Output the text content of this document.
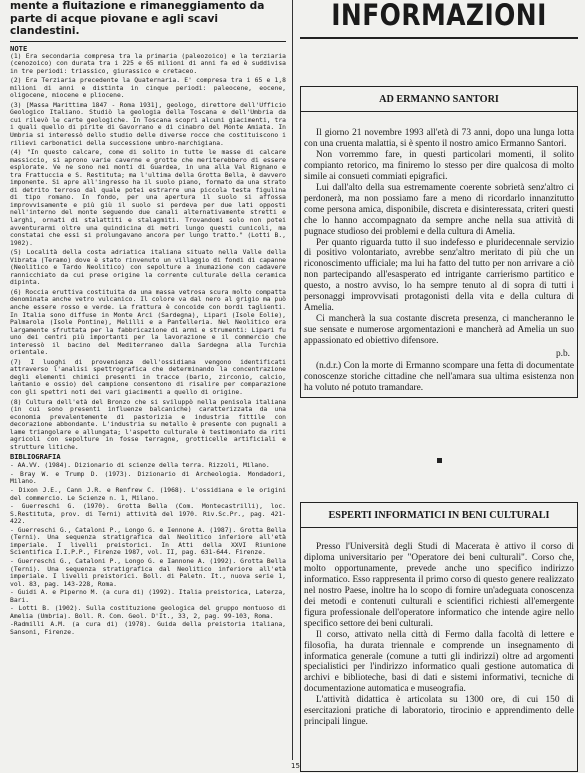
mente a fluitazione e rimaneggiamento da parte di acque piovane e agli scavi clandestini.

NOTE

(1) Era secondaria compresa tra la primaria (paleozoico) e la terziaria (cenozoico) con durata tra i 225 e 65 milioni di anni fa ed è suddivisa in tre periodi: triassico, giurassico e cretaceo.

(2) Era Terziaria precedente la Quaternaria. E' compresa tra i 65 e 1,8 milioni di anni e distinta in cinque periodi: paleocene, eocene, oligocene, miocene e pliocene.

(3) [Massa Marittima 1847 - Roma 1931], geologo, direttore dell'Ufficio Geologico Italiano. Studiò la geologia della Toscana e dell'Umbria da cui rilevò le carte geologiche. In Toscana scoprì alcuni giacimenti, tra i quali quello di pirite di Gavorrano e di cinabro del Monte Amiata. In Umbria si interessò dello studio delle diverse rocce che costituiscono i rilievi carbonatici della successione umbro-marchigiana.

(4) "In questo calcare, come di solito in tutte le masse di calcare massiccio, si aprono varie caverne e grotte che meriterebbero di essere esplorate. Ve ne sono nei monti di Guardea, in una alla Val Rignano e tra Frattuccia e S. Restituta; ma l'ultima della Grotta Bella, è davvero imponente. Si apre all'ingresso ha il suolo piano, formato da una strato di detrito terroso dal quale potei estrarre una piccola testa figulina di tipo romano. In fondo, per una apertura il suolo si affossa improvvisamente e più giù il suolo si perdeva per due lati opposti nell'interno del monte seguendo due canali alternativamente stretti e larghi, ornati di stalattiti e stalagmiti. Trovandomi solo non potei avventurarmi oltre una quindicina di metri lungo questi cunicoli, ma constatai che essi si prolungavano ancora per lungo tratto." (Lotti B., 1902).

(5) Località della costa adriatica italiana situato nella Valle della Vibrata (Teramo) dove è stato rinvenuto un villaggio di fondi di capanne (Neolitico e Tardo Neolitico) con sepolture a inumazione con cadavere rannicchiato da cui prese origine la corrente culturale della ceramica dipinta.

(6) Roccia eruttiva costituita da una massa vetrosa scura molto compatta denominata anche vetro vulcanico. Il colore va dal nero al grigio ma può anche essere rosso e verde. La frattura è concoide con bordi taglienti. In Italia sono diffuse in Monte Arci (Sardegna), Lipari (Isole Eolie), Palmarola (Isole Pontine), Melilli e a Pantelleria. Nel Neolitico era largamente sfruttata per la fabbricazione di armi e strumenti: Lipari fu uno dei centri più importanti per la lavorazione e il commercio che interessò il bacino del Mediterraneo dalla Sardegna alla Turchia orientale.

(7) I luoghi di provenienza dell'ossidiana vengono identificati attraverso l'analisi spettrografica che determinando la concentrazione degli elementi chimici presenti in tracce (bario, zirconio, calcio, lantanio e ossio) del campione consentono di risalire per comparazione con gli spettri noti dei vari giacimenti a quello di origine.

(8) Cultura dell'età del Bronzo che si sviluppò nella penisola italiana (in cui sono presenti influenze balcaniche) caratterizzata da una economia prevalentemente di pastorizia e industria fittile con decorazione abbondante. L'industria su metallo è presente con pugnali a lame triangolare e allungata; l'aspetto culturale è testimoniato da riti agricoli con sepolture in fosse terragne, grotticelle artificiali e strutture litiche.

BIBLIOGRAFIA

- AA.VV. (1984). Dizionario di scienze della terra. Rizzoli, Milano.

- Bray W. e Trump D. (1973). Dizionario di Archeologia. Mondadori, Milano.

- Dixon J.E., Cann J.R. e Renfrew C. (1968). L'ossidiana e le origini del commercio. Le Scienze n. 1, Milano.

- Guerreschi G. (1970). Grotta Bella (Com. Montecastrilli), loc. S.Restituta, prov. di Terni) attività del 1970. Riv.Sc.Pr., pag. 421-422.

- Guerreschi G., Cataloni P., Longo G. e Iennone A. (1987). Grotta Bella (Terni). Una sequenza stratigrafica dal Neolitico inferiore all'età imperiale. I livelli preistorici. In Atti della XXVI Riunione Scientifica I.I.P.P., Firenze 1987, vol. II, pag. 631-644. Firenze.

- Guerreschi G., Cataloni P., Longo G. e Iannone A. (1992). Grotta Bella (Terni). Una sequenza stratigrafica dal Neolitico inferiore all'età imperiale. I livelli preistorici. Boll. di Paletn. It., nuova serie 1, vol. 83, pag. 143-228, Roma.

- Guidi A. e Piperno M. (a cura di) (1992). Italia preistorica, Laterza, Bari.

- Lotti B. (1902). Sulla costituzione geologica del gruppo montuoso di Amelia (Umbria). Boll. R. Com. Geol. D'It., 33, 2, pag. 99-103, Roma.

-Radmilli A.M. (a cura di) (1978). Guida della preistoria italiana, Sansoni, Firenze.

INFORMAZIONI

AD ERMANNO SANTORI

Il giorno 21 novembre 1993 all'età di 73 anni, dopo una lunga lotta con una cruenta malattia, si è spento il nostro amico Ermanno Santori.

Non vorremmo fare, in questi particolari momenti, il solito compianto retorico, ma finiremo lo stesso per dire qualcosa di molto simile ai consueti commiati epigrafici.

Lui dall'alto della sua estremamente coerente sobrietà senz'altro ci perdonerà, ma non possiamo fare a meno di ricordarlo innanzitutto come persona amica, disponibile, discreta e disinteressata, criteri questi che lo hanno accompagnato da sempre anche nella sua attività di pugnace studioso dei problemi e della cultura di Amelia.

Per quanto riguarda tutto il suo indefesso e pluridecennale servizio di positivo volontariato, avrebbe senz'altro meritato di più che un riconoscimento ufficiale; ma lui ha fatto del tutto per non arrivare a ciò non partecipando all'esasperato ed intrigante carrierismo partitico e questo, a nostro avviso, lo ha sempre tenuto al di sopra di tutti i personaggi improvvisati protagonisti della vita e della cultura di Amelia.

Ci mancherà la sua costante discreta presenza, ci mancheranno le sue sensate e numerose argomentazioni e mancherà ad Amelia un suo appassionato ed obiettivo difensore.

p.b.

(n.d.r.) Con la morte di Ermanno scompare una fetta di documentate conoscenze storiche cittadine che nell'amara sua ultima esistenza non ha voluto né potuto tramandare.

ESPERTI INFORMATICI IN BENI CULTURALI

Presso l'Università degli Studi di Macerata è attivo il corso di diploma universitario per "Operatore dei beni culturali". Corso che, molto opportunamente, prevede anche uno specifico indirizzo informatico. Esso rappresenta il primo corso di questo genere realizzato nel nostro Paese, inoltre ha lo scopo di fornire un'adeguata conoscenza dei metodi e contenuti culturali e scientifici richiesti all'emergente figura professionale dell'operatore informatico che intende agire nello specifico settore dei beni culturali.

Il corso, attivato nella città di Fermo dalla facoltà di lettere e filosofia, ha durata triennale e comprende un insegnamento di informatica generale (comune a tutti gli indirizzi) oltre ad argomenti specialistici per l'indirizzo informatico quali gestione automatica di archivi e biblioteche, basi di dati e sistemi informativi, tecniche di documentazione automatica e museografia.

L'attività didattica è articolata su 1300 ore, di cui 150 di esercitazioni pratiche di laboratorio, tirocinio e apprendimento delle principali lingue.

15
